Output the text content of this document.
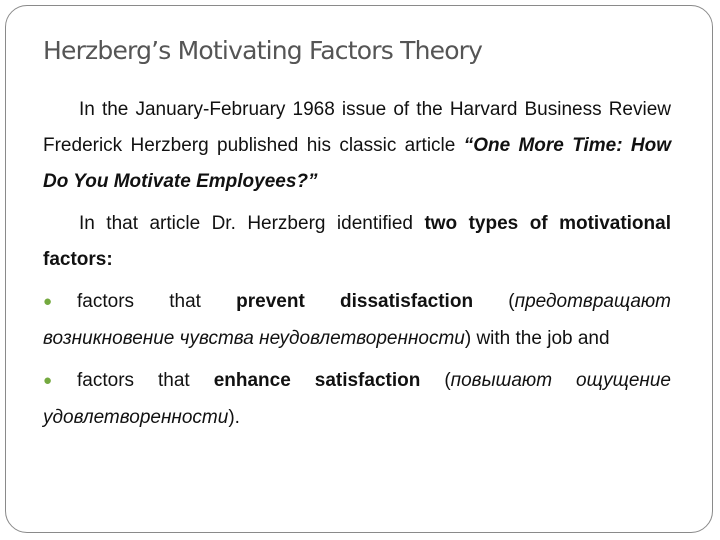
Herzberg’s Motivating Factors Theory

In the January-February 1968 issue of the Harvard Business Review Frederick Herzberg published his classic article “One More Time: How Do You Motivate Employees?”

In that article Dr. Herzberg identified two types of motivational factors:

● factors that prevent dissatisfaction (предотвращают возникновение чувства неудовлетворенности) with the job and

● factors that enhance satisfaction (повышают ощущение удовлетворенности).
